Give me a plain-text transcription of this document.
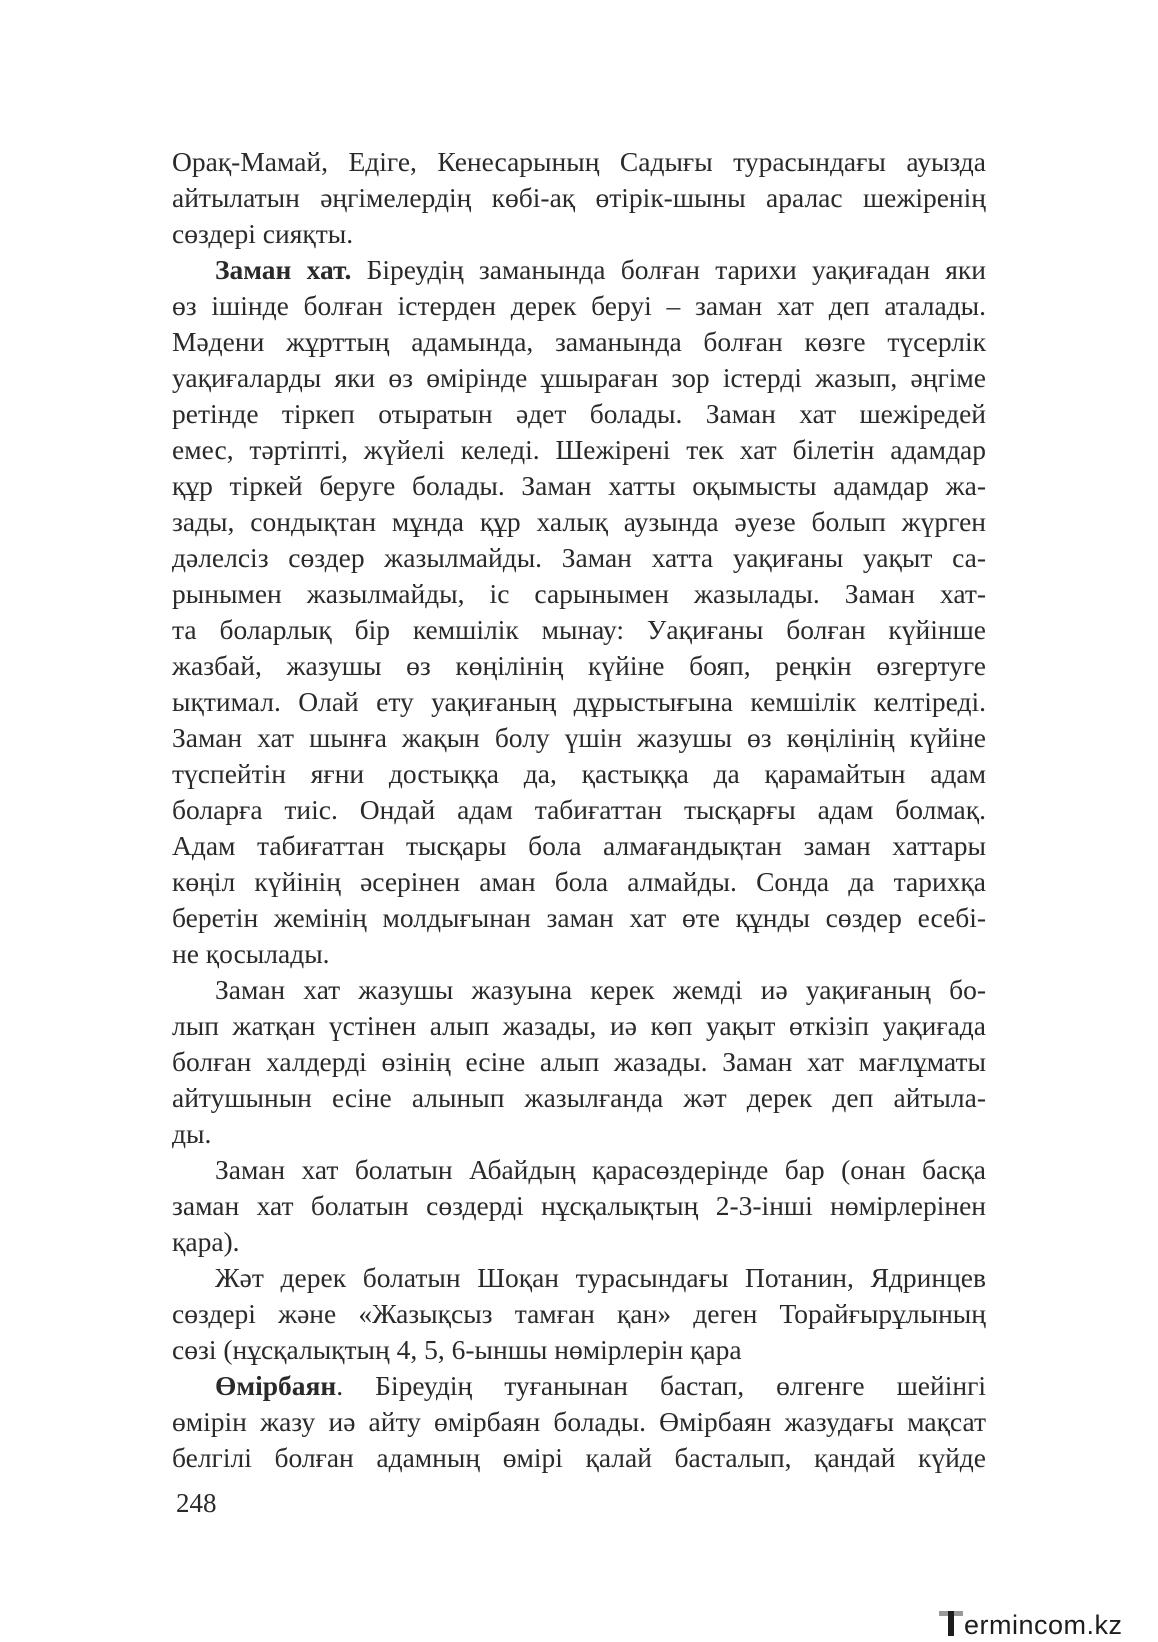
Орақ-Мамай, Едіге, Кенесарының Садығы турасындағы ауызда
айтылатын әңгімелердің көбі-ақ өтірік-шыны аралас шежіренің
сөздері сияқты.
Заман хат. Біреудің заманында болған тарихи уақиғадан яки
өз ішінде болған істерден дерек беруі – заман хат деп аталады.
Мәдени жұрттың адамында, заманында болған көзге түсерлік
уақиғаларды яки өз өмірінде ұшыраған зор істерді жазып, әңгіме
ретінде тіркеп отыратын әдет болады. Заман хат шежіредей
емес, тәртіпті, жүйелі келеді. Шежірені тек хат білетін адамдар
құр тіркей беруге болады. Заман хатты оқымысты адамдар жа-
зады, сондықтан мұнда құр халық аузында әуезе болып жүрген
дәлелсіз сөздер жазылмайды. Заман хатта уақиғаны уақыт са-
рынымен жазылмайды, іс сарынымен жазылады. Заман хат-
та боларлық бір кемшілік мынау: Уақиғаны болған күйінше
жазбай, жазушы өз көңілінің күйіне бояп, реңкін өзгертуге
ықтимал. Олай ету уақиғаның дұрыстығына кемшілік келтіреді.
Заман хат шынға жақын болу үшін жазушы өз көңілінің күйіне
түспейтін яғни достыққа да, қастыққа да қарамайтын адам
боларға тиіс. Ондай адам табиғаттан тысқарғы адам болмақ.
Адам табиғаттан тысқары бола алмағандықтан заман хаттары
көңіл күйінің әсерінен аман бола алмайды. Сонда да тарихқа
беретін жемінің молдығынан заман хат өте құнды сөздер есебі-
не қосылады.
Заман хат жазушы жазуына керек жемді иә уақиғаның бо-
лып жатқан үстінен алып жазады, иә көп уақыт өткізіп уақиғада
болған халдерді өзінің есіне алып жазады. Заман хат мағлұматы
айтушынын есіне алынып жазылғанда жәт дерек деп айтыла-
ды.
Заман хат болатын Абайдың қарасөздерінде бар (онан басқа
заман хат болатын сөздерді нұсқалықтың 2-3-інші нөмірлерінен
қара).
Жәт дерек болатын Шоқан турасындағы Потанин, Ядринцев
сөздері және «Жазықсыз тамған қан» деген Торайғырұлының
сөзі (нұсқалықтың 4, 5, 6-ыншы нөмірлерін қара
Өмірбаян. Біреудің туғанынан бастап, өлгенге шейінгі
өмірін жазу иә айту өмірбаян болады. Өмірбаян жазудағы мақсат
белгілі болған адамның өмірі қалай басталып, қандай күйде
248
ermincom.kz
